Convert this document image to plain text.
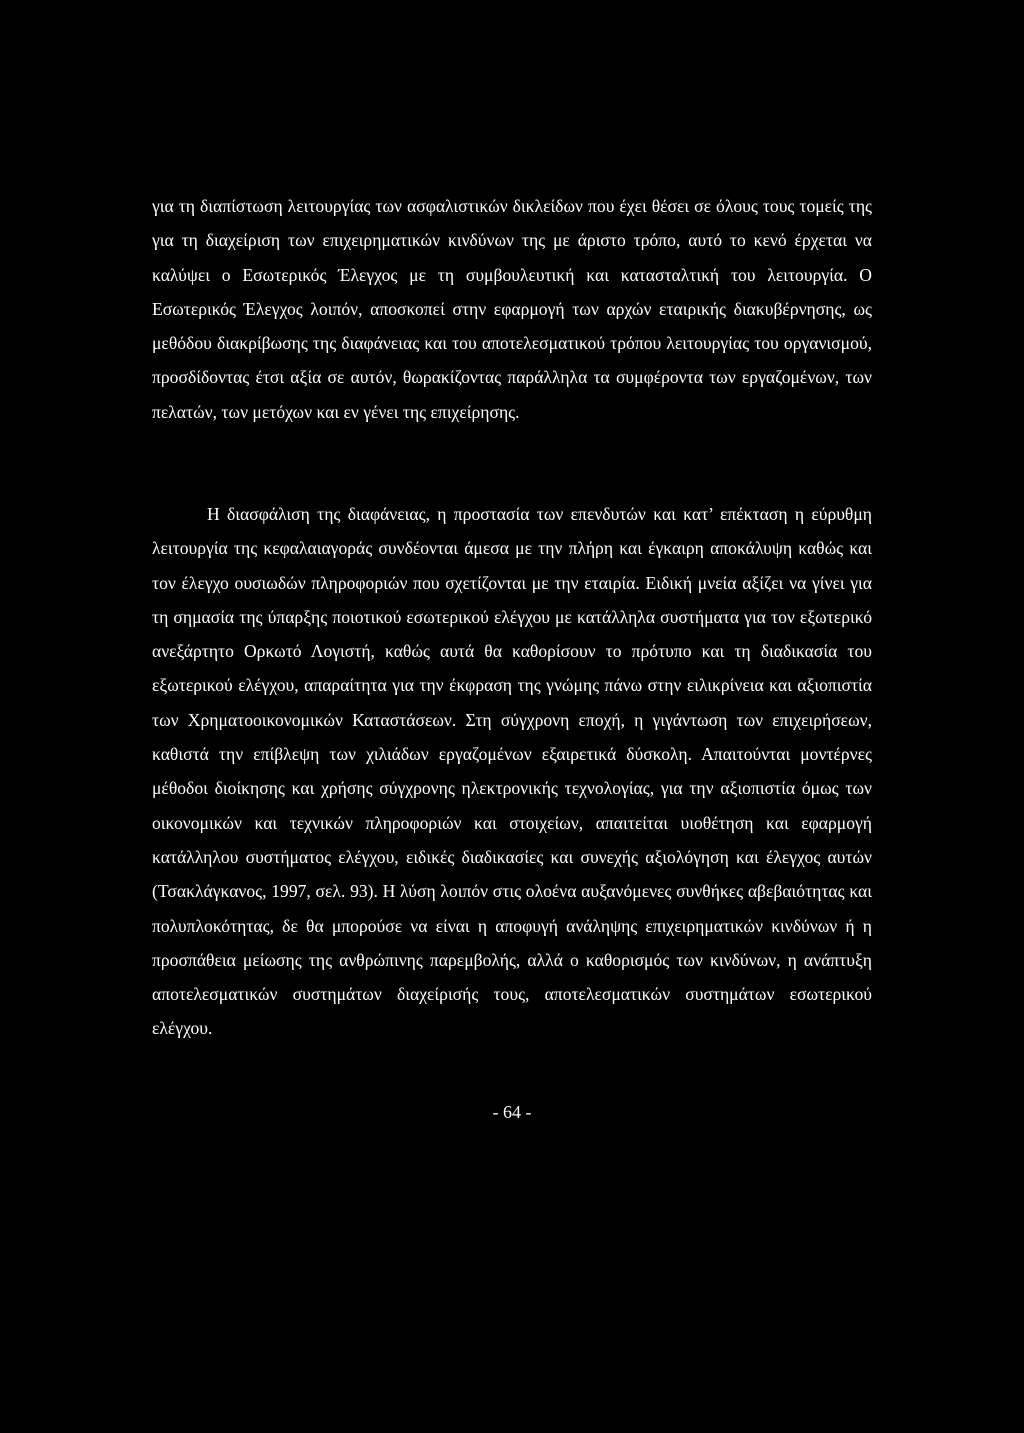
για τη διαπίστωση λειτουργίας των ασφαλιστικών δικλείδων που έχει θέσει σε όλους τους τομείς της για τη διαχείριση των επιχειρηματικών κινδύνων της με άριστο τρόπο, αυτό το κενό έρχεται να καλύψει ο Εσωτερικός Έλεγχος με τη συμβουλευτική και κατασταλτική του λειτουργία. Ο Εσωτερικός Έλεγχος λοιπόν, αποσκοπεί στην εφαρμογή των αρχών εταιρικής διακυβέρνησης, ως μεθόδου διακρίβωσης της διαφάνειας και του αποτελεσματικού τρόπου λειτουργίας του οργανισμού, προσδίδοντας έτσι αξία σε αυτόν, θωρακίζοντας παράλληλα τα συμφέροντα των εργαζομένων, των πελατών, των μετόχων και εν γένει της επιχείρησης.

Η διασφάλιση της διαφάνειας, η προστασία των επενδυτών και κατ’ επέκταση η εύρυθμη λειτουργία της κεφαλαιαγοράς συνδέονται άμεσα με την πλήρη και έγκαιρη αποκάλυψη καθώς και τον έλεγχο ουσιωδών πληροφοριών που σχετίζονται με την εταιρία. Ειδική μνεία αξίζει να γίνει για τη σημασία της ύπαρξης ποιοτικού εσωτερικού ελέγχου με κατάλληλα συστήματα για τον εξωτερικό ανεξάρτητο Ορκωτό Λογιστή, καθώς αυτά θα καθορίσουν το πρότυπο και τη διαδικασία του εξωτερικού ελέγχου, απαραίτητα για την έκφραση της γνώμης πάνω στην ειλικρίνεια και αξιοπιστία των Χρηματοοικονομικών Καταστάσεων. Στη σύγχρονη εποχή, η γιγάντωση των επιχειρήσεων, καθιστά την επίβλεψη των χιλιάδων εργαζομένων εξαιρετικά δύσκολη. Απαιτούνται μοντέρνες μέθοδοι διοίκησης και χρήσης σύγχρονης ηλεκτρονικής τεχνολογίας, για την αξιοπιστία όμως των οικονομικών και τεχνικών πληροφοριών και στοιχείων, απαιτείται υιοθέτηση και εφαρμογή κατάλληλου συστήματος ελέγχου, ειδικές διαδικασίες και συνεχής αξιολόγηση και έλεγχος αυτών (Τσακλάγκανος, 1997, σελ. 93). Η λύση λοιπόν στις ολοένα αυξανόμενες συνθήκες αβεβαιότητας και πολυπλοκότητας, δε θα μπορούσε να είναι η αποφυγή ανάληψης επιχειρηματικών κινδύνων ή η προσπάθεια μείωσης της ανθρώπινης παρεμβολής, αλλά ο καθορισμός των κινδύνων, η ανάπτυξη αποτελεσματικών συστημάτων διαχείρισής τους, αποτελεσματικών συστημάτων εσωτερικού ελέγχου.

- 64 -
